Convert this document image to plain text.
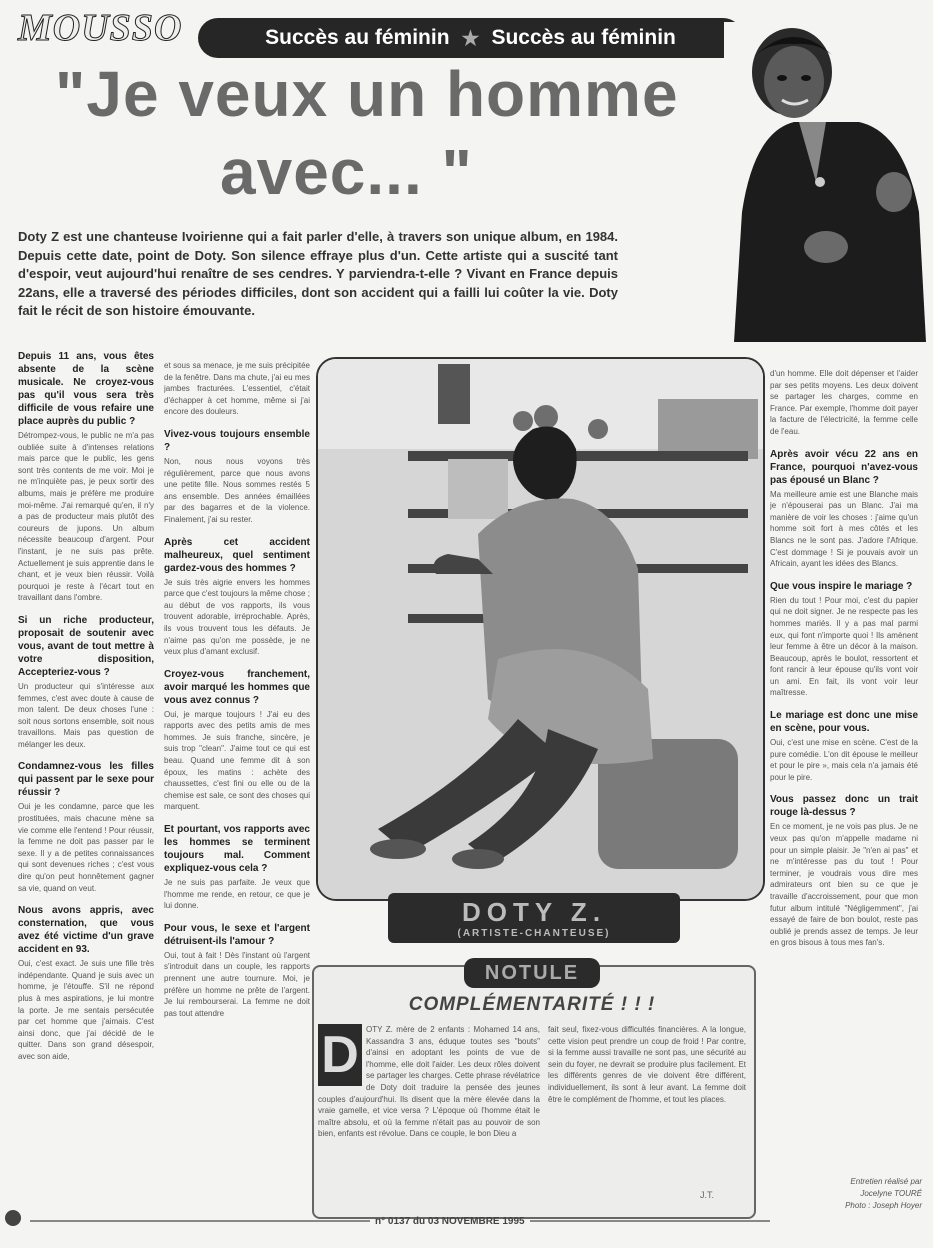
MOUSSO	Succès au féminin ★ Succès au féminin
"Je veux un homme
avec... "
Doty Z est une chanteuse Ivoirienne qui a fait parler d'elle, à travers son unique album, en 1984. Depuis cette date, point de Doty. Son silence effraye plus d'un. Cette artiste qui a suscité tant d'espoir, veut aujourd'hui renaître de ses cendres. Y parviendra-t-elle ? Vivant en France depuis 22ans, elle a traversé des périodes difficiles, dont son accident qui a failli lui coûter la vie. Doty fait le récit de son histoire émouvante.
Depuis 11 ans, vous êtes absente de la scène musicale. Ne croyez-vous pas qu'il vous sera très difficile de vous refaire une place auprès du public ?

Détrompez-vous, le public ne m'a pas oubliée suite à d'intenses relations mais parce que le public, les gens sont très contents de me voir. Moi je ne m'inquiète pas, je peux sortir des albums, mais je préfère me produire moi-même. J'ai remarqué qu'en, il n'y a pas de producteur mais plutôt des coureurs de jupons. Un album nécessite beaucoup d'argent. Pour l'instant, je ne suis pas prête. Actuellement je suis apprentie dans le chant, et je veux bien réussir. Voilà pourquoi je reste à l'écart tout en travaillant dans l'ombre.

Si un riche producteur, proposait de soutenir avec vous, avant de tout mettre à votre disposition, Accepteriez-vous ?

Un producteur qui s'intéresse aux femmes, c'est avec doute à cause de mon talent. De deux choses l'une : soit nous sortons ensemble, soit nous travaillons. Mais pas question de mélanger les deux.

Condamnez-vous les filles qui passent par le sexe pour réussir ?

Oui je les condamne, parce que les prostituées, mais chacune mène sa vie comme elle l'entend ! Pour réussir, la femme ne doit pas passer par le sexe. Il y a de petites connaissances qui sont devenues riches ; c'est vous dire qu'on peut honnêtement gagner sa vie, quand on veut.

Nous avons appris, avec consternation, que vous avez été victime d'un grave accident en 93.

Oui, c'est exact. Je suis une fille très indépendante. Quand je suis avec un homme, je l'étouffe. S'il ne répond plus à mes aspirations, je lui montre la porte. Je me sentais persécutée par cet homme que j'aimais. C'est ainsi donc, que j'ai décidé de le quitter. Dans son grand désespoir, avec son aide,

et sous sa menace, je me suis précipitée de la fenêtre. Dans ma chute, j'ai eu mes jambes fracturées. L'essentiel, c'était d'échapper à cet homme, même si j'ai encore des douleurs.

Vivez-vous toujours ensemble ?

Non, nous nous voyons très régulièrement, parce que nous avons une petite fille. Nous sommes restés 5 ans ensemble. Des années émaillées par des bagarres et de la violence. Finalement, j'ai su rester.

Après cet accident malheureux, quel sentiment gardez-vous des hommes ?

Je suis très aigrie envers les hommes parce que c'est toujours la même chose ; au début de vos rapports, ils vous trouvent adorable, irréprochable. Après, ils vous trouvent tous les défauts. Je n'aime pas qu'on me possède, je ne veux plus d'amant exclusif.

Croyez-vous franchement, avoir marqué les hommes que vous avez connus ?

Oui, je marque toujours ! J'ai eu des rapports avec des petits amis de mes hommes. Je suis franche, sincère, je suis trop "clean". J'aime tout ce qui est beau. Quand une femme dit à son époux, les matins : achète des chaussettes, c'est fini ou elle ou de la chemise est sale, ce sont des choses qui marquent.

Et pourtant, vos rapports avec les hommes se terminent toujours mal. Comment expliquez-vous cela ?

Je ne suis pas parfaite. Je veux que l'homme me rende, en retour, ce que je lui donne.

Pour vous, le sexe et l'argent détruisent-ils l'amour ?

Oui, tout à fait ! Dès l'instant où l'argent s'introduit dans un couple, les rapports prennent une autre tournure. Moi, je préfère un homme ne prête de l'argent. Je lui rembourserai. La femme ne doit pas tout attendre

DOTY Z.
(ARTISTE-CHANTEUSE)

d'un homme. Elle doit dépenser et l'aider par ses petits moyens. Les deux doivent se partager les charges, comme en France. Par exemple, l'homme doit payer la facture de l'électricité, la femme celle de l'eau.

Après avoir vécu 22 ans en France, pourquoi n'avez-vous pas épousé un Blanc ?

Ma meilleure amie est une Blanche mais je n'épouserai pas un Blanc. J'ai ma manière de voir les choses : j'aime qu'un homme soit fort à mes côtés et les Blancs ne le sont pas. J'adore l'Afrique. C'est dommage ! Si je pouvais avoir un Africain, ayant les idées des Blancs.

Que vous inspire le mariage ?

Rien du tout ! Pour moi, c'est du papier qui ne doit signer. Je ne respecte pas les hommes mariés. Il y a pas mal parmi eux, qui font n'importe quoi ! Ils amènent leur femme à être un décor à la maison. Beaucoup, après le boulot, ressortent et font rancir à leur épouse qu'ils vont voir un ami. En fait, ils vont voir leur maîtresse.

Le mariage est donc une mise en scène, pour vous.

Oui, c'est une mise en scène. C'est de la pure comédie. L'on dit épouse le meilleur et pour le pire », mais cela n'a jamais été pour le pire.

Vous passez donc un trait rouge là-dessus ?

En ce moment, je ne vois pas plus. Je ne veux pas qu'on m'appelle madame ni pour un simple plaisir. Je "n'en ai pas" et ne m'intéresse pas du tout ! Pour terminer, je voudrais vous dire mes admirateurs ont bien su ce que je travaille d'accroissement, pour que mon futur album intitulé "Négligemment", j'ai essayé de faire de bon boulot, reste pas oublié je prends assez de temps. Je leur en gros bisous à tous mes fan's.

Entretien réalisé par
Jocelyne TOURÉ
Photo : Joseph Hoyer
NOTULE
COMPLÉMENTARITÉ ! ! !
D OTY Z. mère de 2 enfants : Mohamed 14 ans, Kassandra 3 ans, éduque toutes ses "bouts" d'ainsi en adoptant les points de vue de l'homme, elle doit l'aider. Les deux rôles doivent se partager les charges. Cette phrase révélatrice de Doty doit traduire la pensée des jeunes couples d'aujourd'hui. Ils disent que la mère élevée dans la vraie gamelle, et vice versa ? L'époque où l'homme était le maître absolu, et où la femme n'était pas au pouvoir de son bien, enfants est révolue. Dans ce couple, le bon Dieu a

fait seul, fixez-vous difficultés financières. A la longue, cette vision peut prendre un coup de froid ! Par contre, si la femme aussi travaille ne sont pas, une sécurité au sein du foyer, ne devrait se produire plus facilement. Et les différents genres de vie doivent être différent, individuellement, ils sont à leur avant. La femme doit être le complément de l'homme, et tout les places.

J.T.
n° 0137 du 03 NOVEMBRE 1995
